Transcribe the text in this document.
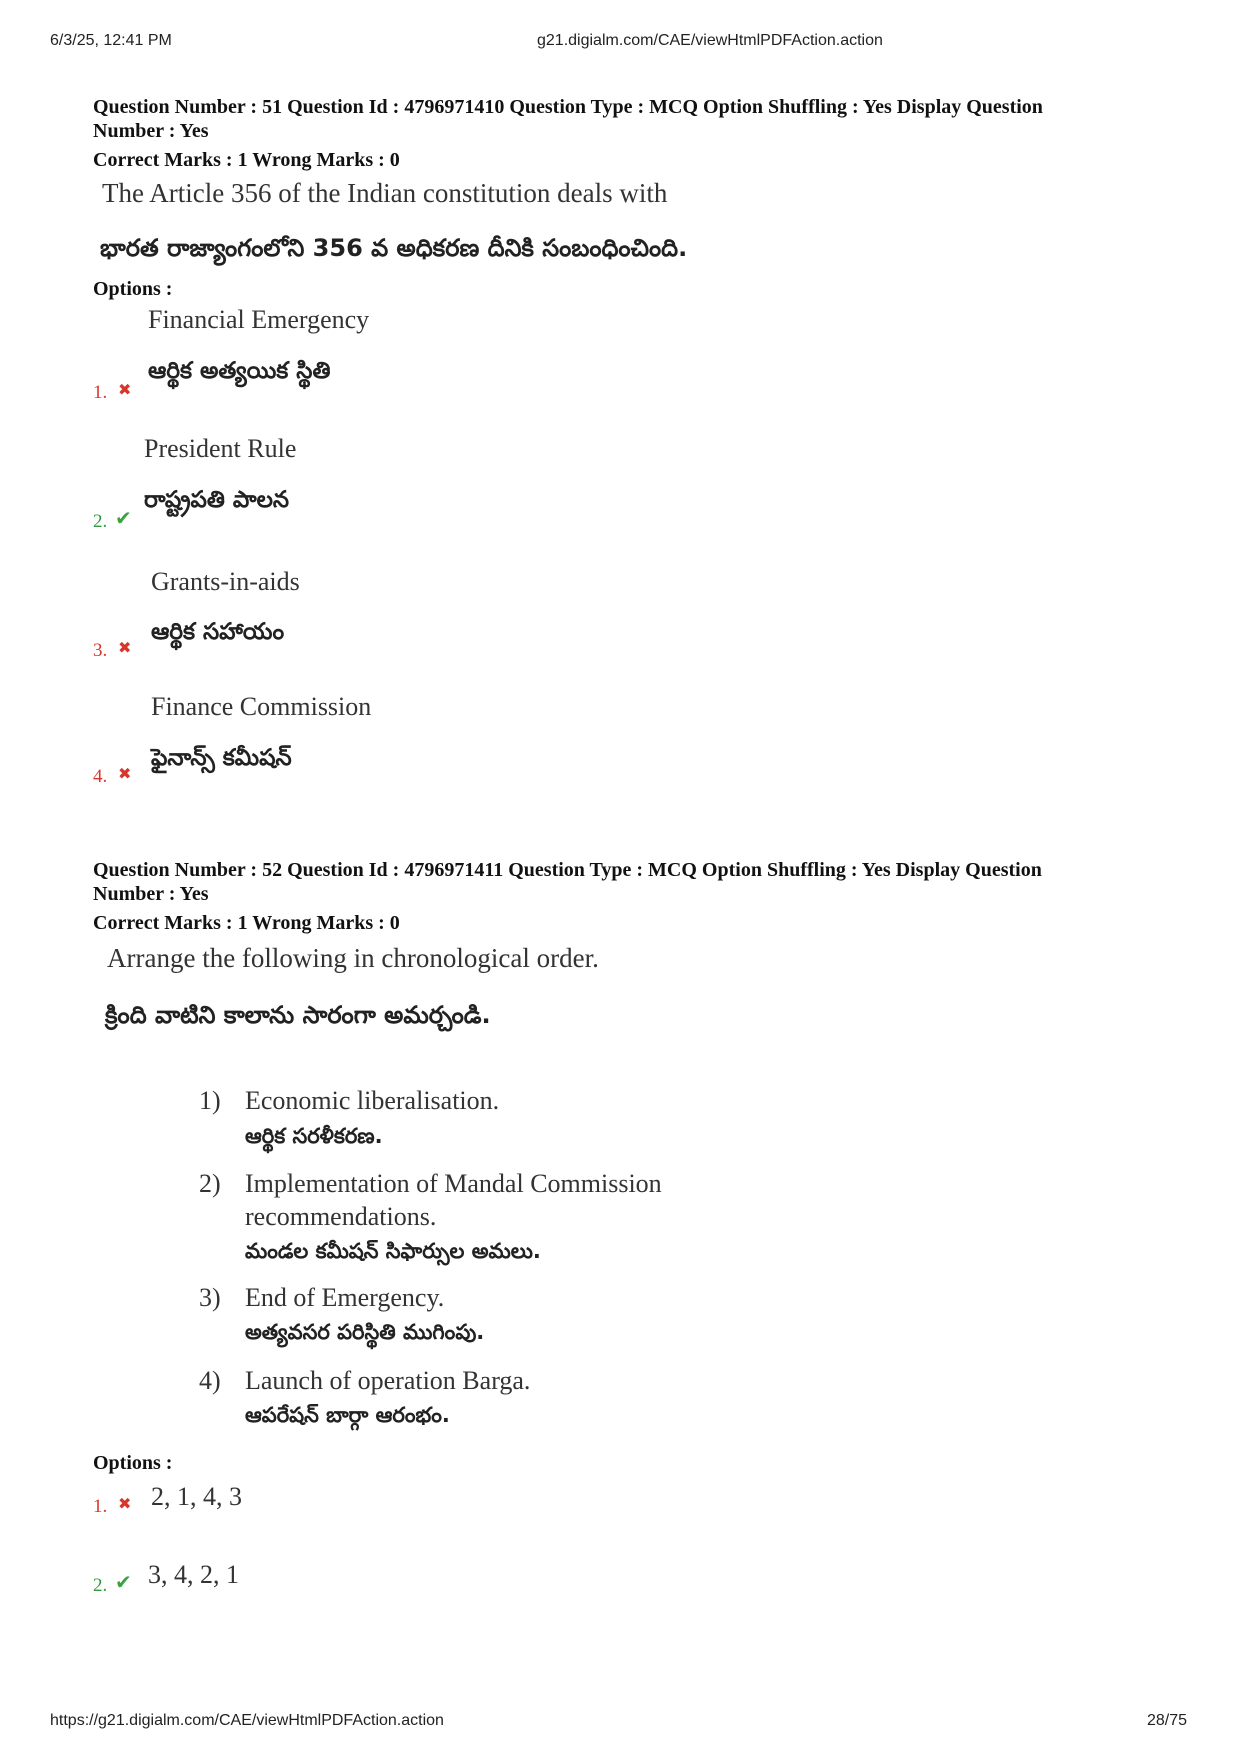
6/3/25, 12:41 PM	g21.digialm.com/CAE/viewHtmlPDFAction.action
Question Number : 51 Question Id : 4796971410 Question Type : MCQ Option Shuffling : Yes Display Question
Number : Yes
Correct Marks : 1 Wrong Marks : 0
The Article 356 of the Indian constitution deals with
భారత రాజ్యాంగంలోని 356 వ అధికరణ దీనికి సంబంధించింది.
Options :
Financial Emergency
ఆర్థిక అత్యయిక స్థితి
1. ✖
President Rule
రాష్ట్రపతి పాలన
2. ✔
Grants-in-aids
ఆర్థిక సహాయం
3. ✖
Finance Commission
ఫైనాన్స్ కమీషన్
4. ✖
Question Number : 52 Question Id : 4796971411 Question Type : MCQ Option Shuffling : Yes Display Question
Number : Yes
Correct Marks : 1 Wrong Marks : 0
Arrange the following in chronological order.
క్రింది వాటిని కాలాను సారంగా అమర్చండి.
1) Economic liberalisation.
ఆర్థిక సరళీకరణ.
2) Implementation of Mandal Commission recommendations.
మండల కమీషన్ సిఫార్సుల అమలు.
3) End of Emergency.
అత్యవసర పరిస్థితి ముగింపు.
4) Launch of operation Barga.
ఆపరేషన్ బార్గా ఆరంభం.
Options :
1. ✖ 2, 1, 4, 3
2. ✔ 3, 4, 2, 1
https://g21.digialm.com/CAE/viewHtmlPDFAction.action	28/75
